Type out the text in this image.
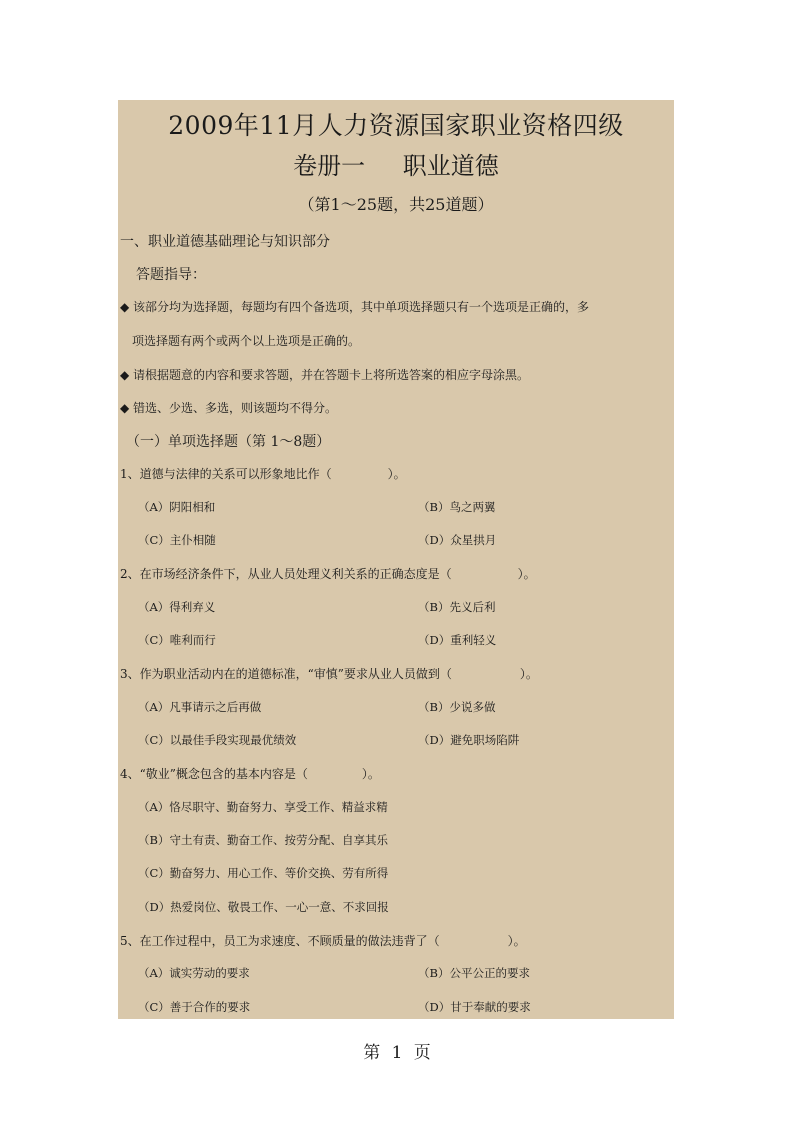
2009年11月人力资源国家职业资格四级
卷册一 职业道德
（第1～25题，共25道题）
一、职业道德基础理论与知识部分
答题指导：
◆ 该部分均为选择题，每题均有四个备选项，其中单项选择题只有一个选项是正确的，多
项选择题有两个或两个以上选项是正确的。
◆ 请根据题意的内容和要求答题，并在答题卡上将所选答案的相应字母涂黑。
◆ 错选、少选、多选，则该题均不得分。
（一）单项选择题（第 1～8题）
1、道德与法律的关系可以形象地比作（	）。
（A）阴阳相和	（B）鸟之两翼
（C）主仆相随	（D）众星拱月
2、在市场经济条件下，从业人员处理义利关系的正确态度是（	）。
（A）得利弃义	（B）先义后利
（C）唯利而行	（D）重利轻义
3、作为职业活动内在的道德标准，“审慎”要求从业人员做到（	）。
（A）凡事请示之后再做	（B）少说多做
（C）以最佳手段实现最优绩效	（D）避免职场陷阱
4、“敬业”概念包含的基本内容是（	）。
（A）恪尽职守、勤奋努力、享受工作、精益求精
（B）守土有责、勤奋工作、按劳分配、自享其乐
（C）勤奋努力、用心工作、等价交换、劳有所得
（D）热爱岗位、敬畏工作、一心一意、不求回报
5、在工作过程中，员工为求速度、不顾质量的做法违背了（	）。
（A）诚实劳动的要求	（B）公平公正的要求
（C）善于合作的要求	（D）甘于奉献的要求
第 1 页
